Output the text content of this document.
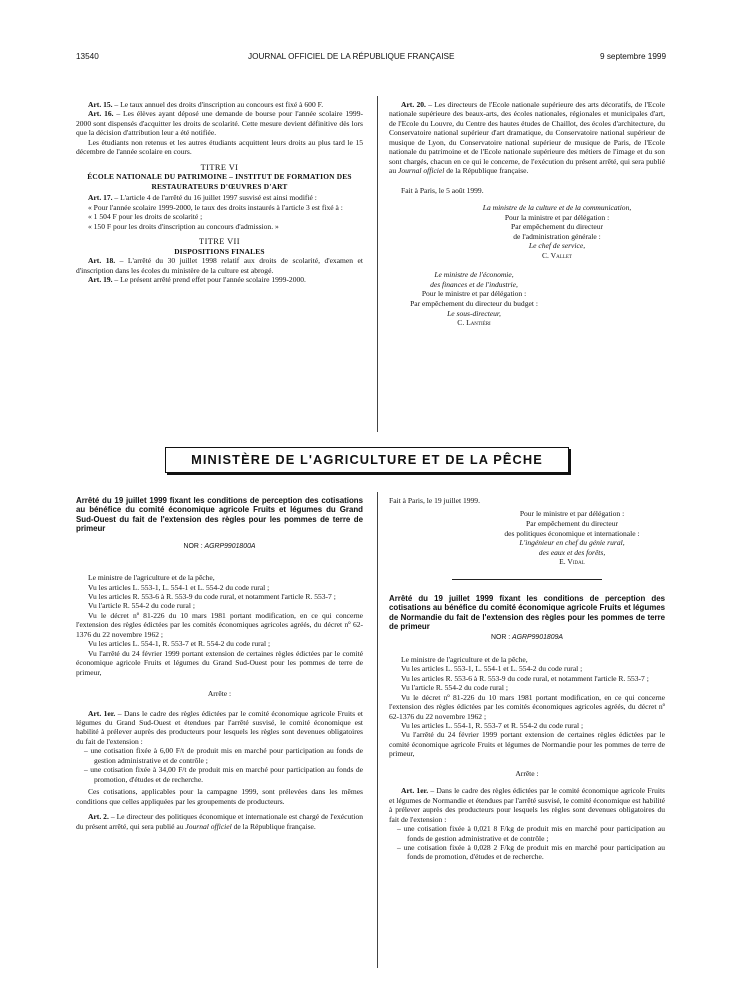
13540	JOURNAL OFFICIEL DE LA RÉPUBLIQUE FRANÇAISE	9 septembre 1999

Art. 15. – Le taux annuel des droits d'inscription au concours est fixé à 600 F.

Art. 16. – Les élèves ayant déposé une demande de bourse pour l'année scolaire 1999-2000 sont dispensés d'acquitter les droits de scolarité. Cette mesure devient définitive dès lors que la décision d'attribution leur a été notifiée.

Les étudiants non retenus et les autres étudiants acquittent leurs droits au plus tard le 15 décembre de l'année scolaire en cours.

TITRE VI

ÉCOLE NATIONALE DU PATRIMOINE – INSTITUT DE FORMATION DES RESTAURATEURS D'ŒUVRES D'ART

Art. 17. – L'article 4 de l'arrêté du 16 juillet 1997 susvisé est ainsi modifié :

« Pour l'année scolaire 1999-2000, le taux des droits instaurés à l'article 3 est fixé à :

« 1 504 F pour les droits de scolarité ;

« 150 F pour les droits d'inscription au concours d'admission. »

TITRE VII

DISPOSITIONS FINALES

Art. 18. – L'arrêté du 30 juillet 1998 relatif aux droits de scolarité, d'examen et d'inscription dans les écoles du ministère de la culture est abrogé.

Art. 19. – Le présent arrêté prend effet pour l'année scolaire 1999-2000.

Art. 20. – Les directeurs de l'Ecole nationale supérieure des arts décoratifs, de l'Ecole nationale supérieure des beaux-arts, des écoles nationales, régionales et municipales d'art, de l'Ecole du Louvre, du Centre des hautes études de Chaillot, des écoles d'architecture, du Conservatoire national supérieur d'art dramatique, du Conservatoire national supérieur de musique de Lyon, du Conservatoire national supérieur de musique de Paris, de l'Ecole nationale du patrimoine et de l'Ecole nationale supérieure des métiers de l'image et du son sont chargés, chacun en ce qui le concerne, de l'exécution du présent arrêté, qui sera publié au Journal officiel de la République française.

Fait à Paris, le 5 août 1999.

La ministre de la culture et de la communication,

Pour la ministre et par délégation :

Par empêchement du directeur

de l'administration générale :

Le chef de service,

C. Vallet

Le ministre de l'économie,

des finances et de l'industrie,

Pour le ministre et par délégation :

Par empêchement du directeur du budget :

Le sous-directeur,

C. Lantiéri

MINISTÈRE DE L'AGRICULTURE ET DE LA PÊCHE

Arrêté du 19 juillet 1999 fixant les conditions de perception des cotisations au bénéfice du comité économique agricole Fruits et légumes du Grand Sud-Ouest du fait de l'extension des règles pour les pommes de terre de primeur

NOR : AGRP9901800A

Le ministre de l'agriculture et de la pêche,

Vu les articles L. 553-1, L. 554-1 et L. 554-2 du code rural ;

Vu les articles R. 553-6 à R. 553-9 du code rural, et notamment l'article R. 553-7 ;

Vu l'article R. 554-2 du code rural ;

Vu le décret nº 81-226 du 10 mars 1981 portant modification, en ce qui concerne l'extension des règles édictées par les comités économiques agricoles agréés, du décret nº 62-1376 du 22 novembre 1962 ;

Vu les articles L. 554-1, R. 553-7 et R. 554-2 du code rural ;

Vu l'arrêté du 24 février 1999 portant extension de certaines règles édictées par le comité économique agricole Fruits et légumes du Grand Sud-Ouest pour les pommes de terre de primeur,

Arrête :

Art. 1er. – Dans le cadre des règles édictées par le comité économique agricole Fruits et légumes du Grand Sud-Ouest et étendues par l'arrêté susvisé, le comité économique est habilité à prélever auprès des producteurs pour lesquels les règles sont devenues obligatoires du fait de l'extension :

– une cotisation fixée à 6,00 F/t de produit mis en marché pour participation au fonds de gestion administrative et de contrôle ;

– une cotisation fixée à 34,00 F/t de produit mis en marché pour participation au fonds de promotion, d'études et de recherche.

Ces cotisations, applicables pour la campagne 1999, sont prélevées dans les mêmes conditions que celles appliquées par les groupements de producteurs.

Art. 2. – Le directeur des politiques économique et internationale est chargé de l'exécution du présent arrêté, qui sera publié au Journal officiel de la République française.

Fait à Paris, le 19 juillet 1999.

Pour le ministre et par délégation :

Par empêchement du directeur

des politiques économique et internationale :

L'ingénieur en chef du génie rural,

des eaux et des forêts,

E. Vidal

Arrêté du 19 juillet 1999 fixant les conditions de perception des cotisations au bénéfice du comité économique agricole Fruits et légumes de Normandie du fait de l'extension des règles pour les pommes de terre de primeur

NOR : AGRP9901809A

Le ministre de l'agriculture et de la pêche,

Vu les articles L. 553-1, L. 554-1 et L. 554-2 du code rural ;

Vu les articles R. 553-6 à R. 553-9 du code rural, et notamment l'article R. 553-7 ;

Vu l'article R. 554-2 du code rural ;

Vu le décret nº 81-226 du 10 mars 1981 portant modification, en ce qui concerne l'extension des règles édictées par les comités économiques agricoles agréés, du décret nº 62-1376 du 22 novembre 1962 ;

Vu les articles L. 554-1, R. 553-7 et R. 554-2 du code rural ;

Vu l'arrêté du 24 février 1999 portant extension de certaines règles édictées par le comité économique agricole Fruits et légumes de Normandie pour les pommes de terre de primeur,

Arrête :

Art. 1er. – Dans le cadre des règles édictées par le comité économique agricole Fruits et légumes de Normandie et étendues par l'arrêté susvisé, le comité économique est habilité à prélever auprès des producteurs pour lesquels les règles sont devenues obligatoires du fait de l'extension :

– une cotisation fixée à 0,021 8 F/kg de produit mis en marché pour participation au fonds de gestion administrative et de contrôle ;

– une cotisation fixée à 0,028 2 F/kg de produit mis en marché pour participation au fonds de promotion, d'études et de recherche.
